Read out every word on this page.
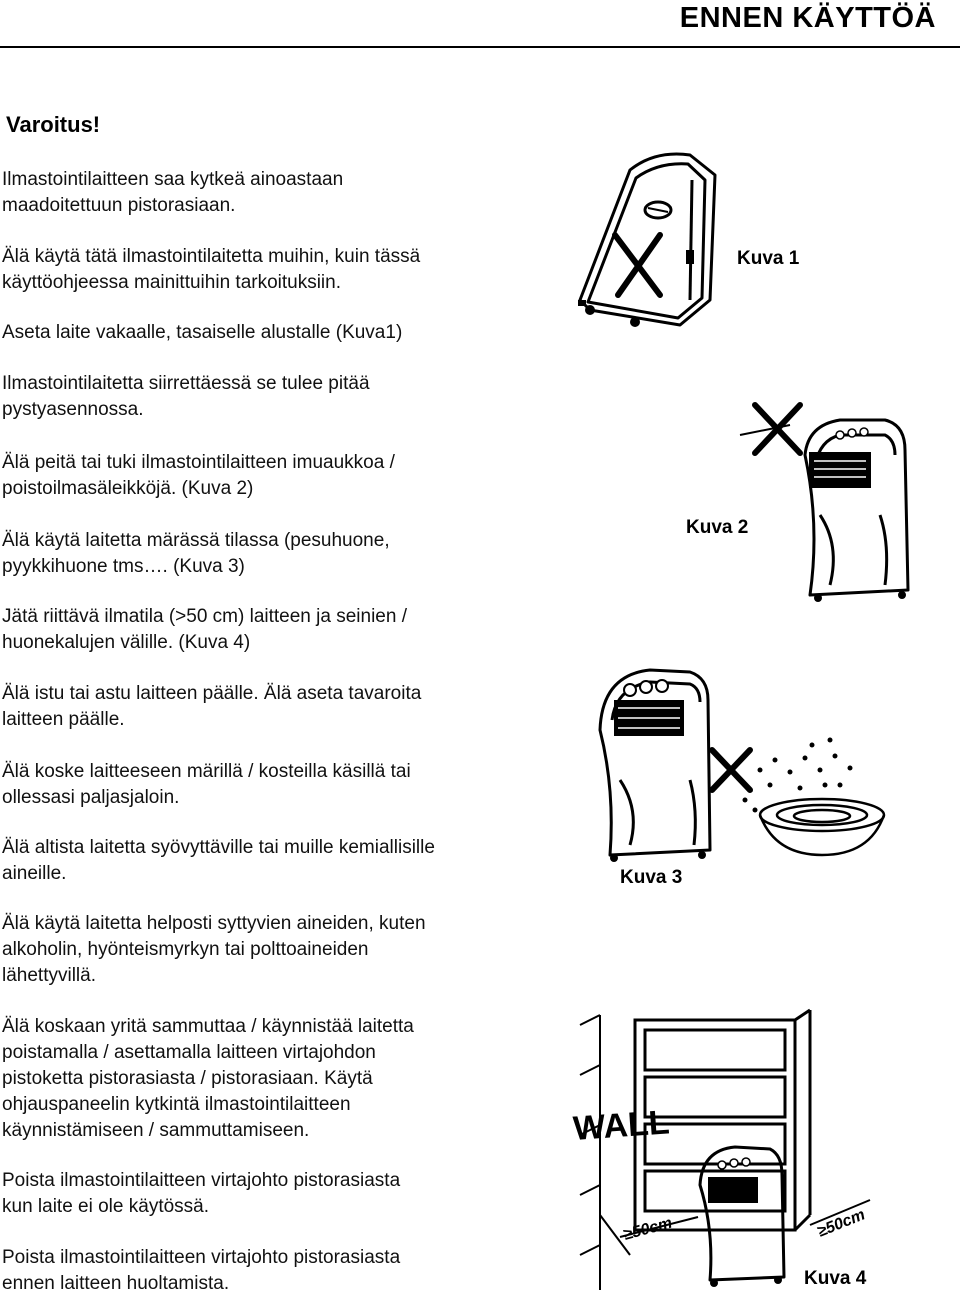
ENNEN KÄYTTÖÄ
Varoitus!

Ilmastointilaitteen saa kytkeä ainoastaan
maadoitettuun pistorasiaan.

Älä käytä tätä ilmastointilaitetta muihin, kuin tässä
käyttöohjeessa mainittuihin tarkoituksiin.

Aseta laite vakaalle, tasaiselle alustalle (Kuva1)

Ilmastointilaitetta siirrettäessä se tulee pitää
pystyasennossa.

Älä peitä tai tuki ilmastointilaitteen imuaukkoa /
poistoilmasäleikköjä. (Kuva 2)

Älä käytä laitetta märässä tilassa (pesuhuone,
pyykkihuone tms…. (Kuva 3)

Jätä riittävä ilmatila (>50 cm) laitteen ja seinien /
huonekalujen välille. (Kuva 4)

Älä istu tai astu laitteen päälle. Älä aseta tavaroita
laitteen päälle.

Älä koske laitteeseen märillä / kosteilla käsillä tai
ollessasi paljasjaloin.

Älä altista laitetta syövyttäville tai muille kemiallisille
aineille.

Älä käytä laitetta helposti syttyvien aineiden, kuten
alkoholin, hyönteismyrkyn tai polttoaineiden
lähettyvillä.

Älä koskaan yritä sammuttaa / käynnistää laitetta
poistamalla / asettamalla laitteen virtajohdon
pistoketta pistorasiasta / pistorasiaan. Käytä
ohjauspaneelin kytkintä ilmastointilaitteen
käynnistämiseen / sammuttamiseen.

Poista ilmastointilaitteen virtajohto pistorasiasta
kun laite ei ole käytössä.

Poista ilmastointilaitteen virtajohto pistorasiasta
ennen laitteen huoltamista.

Kuva 1
Kuva 2
Kuva 3
WALL
≥50cm	≥50cm
Kuva 4
